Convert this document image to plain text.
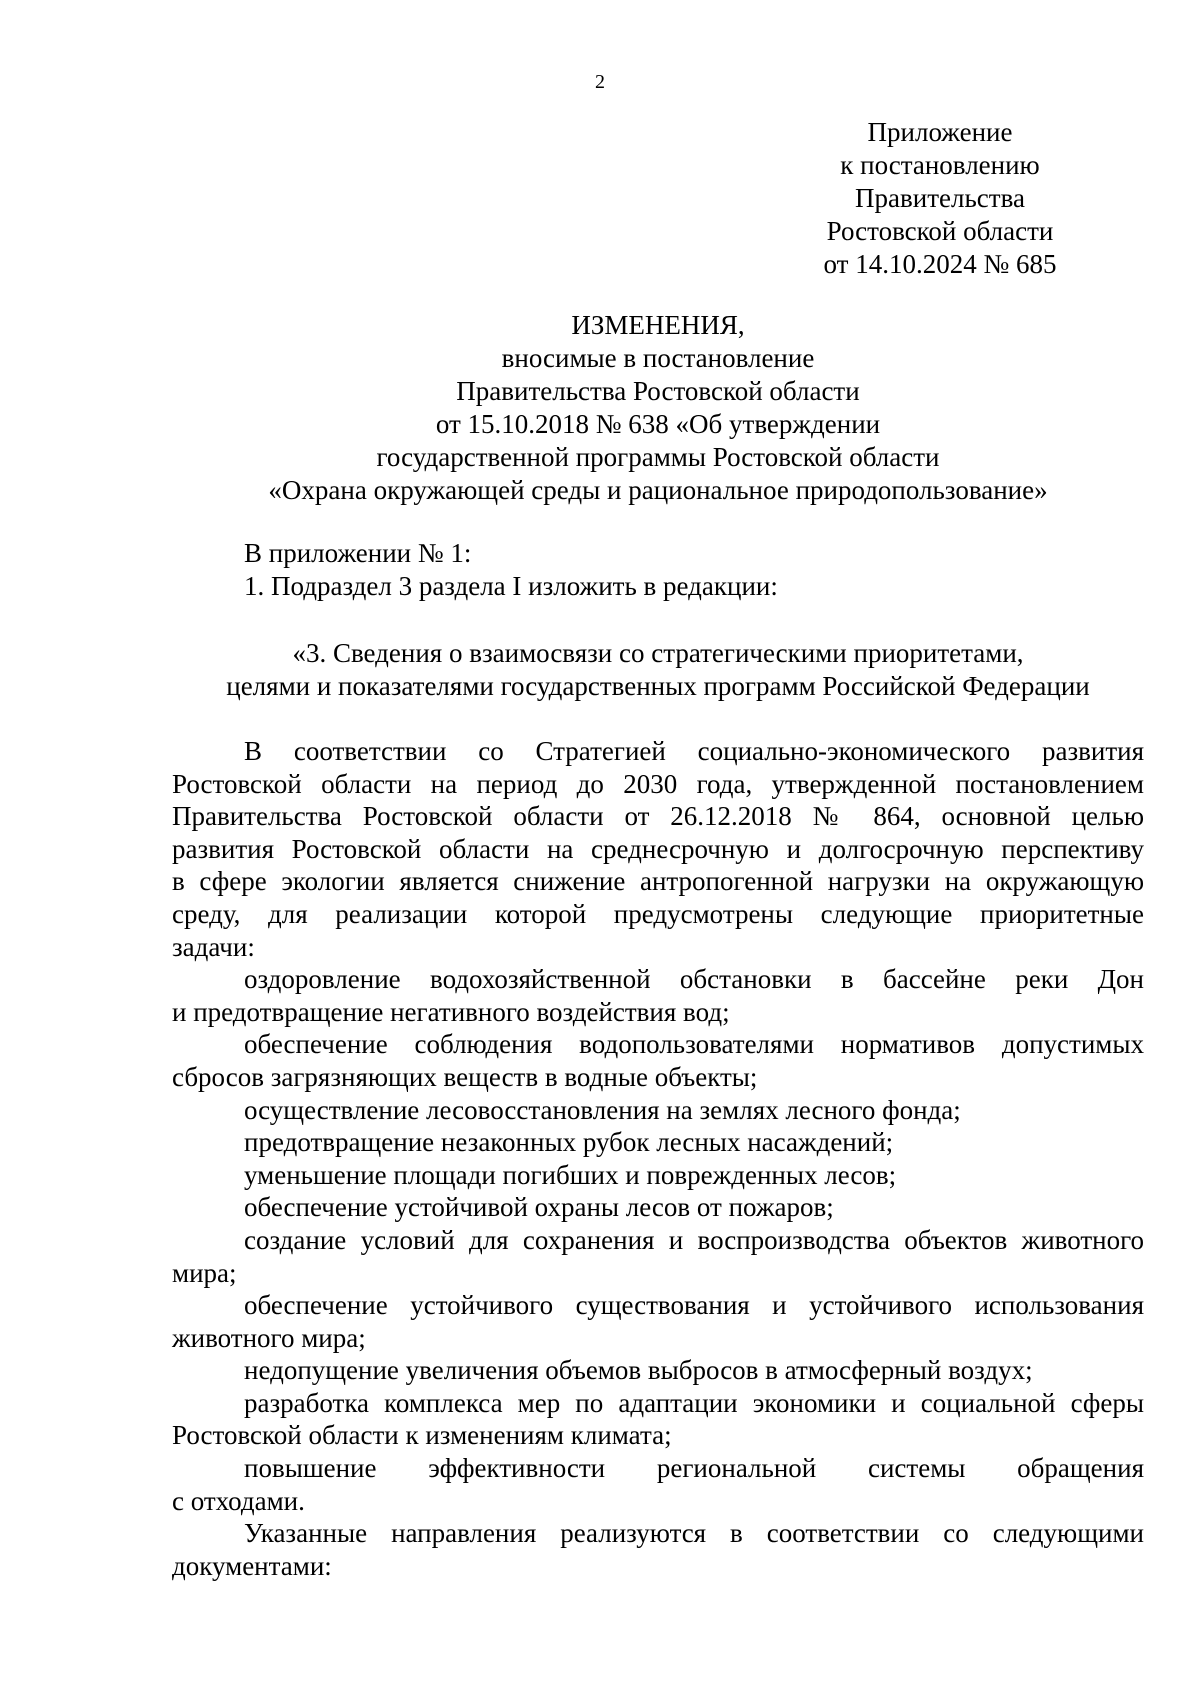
2
Приложение
к постановлению
Правительства
Ростовской области
от 14.10.2024 № 685
ИЗМЕНЕНИЯ,
вносимые в постановление
Правительства Ростовской области
от 15.10.2018 № 638 «Об утверждении
государственной программы Ростовской области
«Охрана окружающей среды и рациональное природопользование»
В приложении № 1:
1. Подраздел 3 раздела I изложить в редакции:
«3. Сведения о взаимосвязи со стратегическими приоритетами,
целями и показателями государственных программ Российской Федерации
В соответствии со Стратегией социально-экономического развития
Ростовской области на период до 2030 года, утвержденной постановлением
Правительства Ростовской области от 26.12.2018 № 864, основной целью
развития Ростовской области на среднесрочную и долгосрочную перспективу
в сфере экологии является снижение антропогенной нагрузки на окружающую
среду, для реализации которой предусмотрены следующие приоритетные
задачи:
оздоровление водохозяйственной обстановки в бассейне реки Дон
и предотвращение негативного воздействия вод;
обеспечение соблюдения водопользователями нормативов допустимых
сбросов загрязняющих веществ в водные объекты;
осуществление лесовосстановления на землях лесного фонда;
предотвращение незаконных рубок лесных насаждений;
уменьшение площади погибших и поврежденных лесов;
обеспечение устойчивой охраны лесов от пожаров;
создание условий для сохранения и воспроизводства объектов животного
мира;
обеспечение устойчивого существования и устойчивого использования
животного мира;
недопущение увеличения объемов выбросов в атмосферный воздух;
разработка комплекса мер по адаптации экономики и социальной сферы
Ростовской области к изменениям климата;
повышение эффективности региональной системы обращения
с отходами.
Указанные направления реализуются в соответствии со следующими
документами:
